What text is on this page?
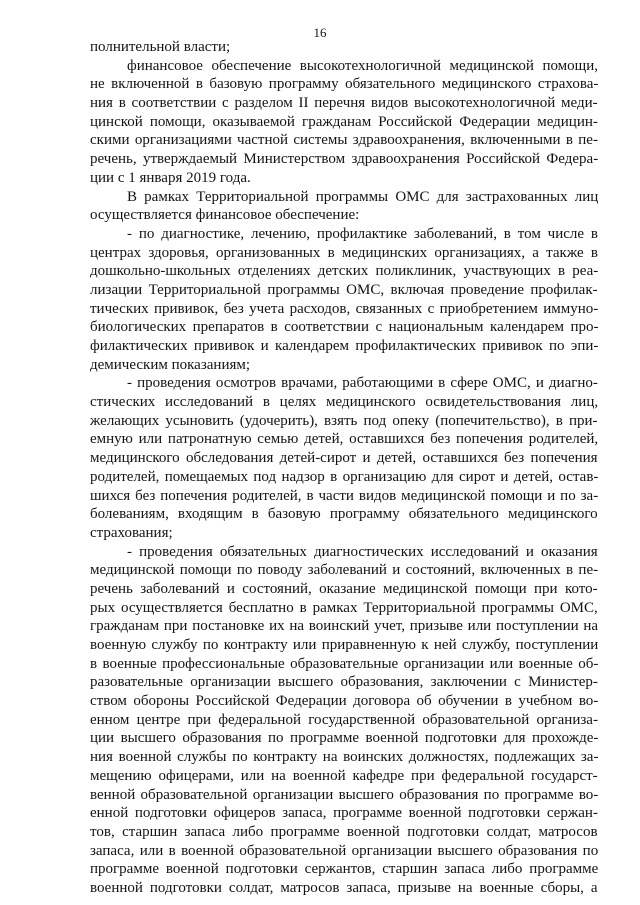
16
полнительной власти;
финансовое обеспечение высокотехнологичной медицинской помощи,
не включенной в базовую программу обязательного медицинского страхова-
ния в соответствии с разделом II перечня видов высокотехнологичной меди-
цинской помощи, оказываемой гражданам Российской Федерации медицин-
скими организациями частной системы здравоохранения, включенными в пе-
речень, утверждаемый Министерством здравоохранения Российской Федера-
ции с 1 января 2019 года.
В рамках Территориальной программы ОМС для застрахованных лиц
осуществляется финансовое обеспечение:
- по диагностике, лечению, профилактике заболеваний, в том числе в
центрах здоровья, организованных в медицинских организациях, а также в
дошкольно-школьных отделениях детских поликлиник, участвующих в реа-
лизации Территориальной программы ОМС, включая проведение профилак-
тических прививок, без учета расходов, связанных с приобретением иммуно-
биологических препаратов в соответствии с национальным календарем про-
филактических прививок и календарем профилактических прививок по эпи-
демическим показаниям;
- проведения осмотров врачами, работающими в сфере ОМС, и диагно-
стических исследований в целях медицинского освидетельствования лиц,
желающих усыновить (удочерить), взять под опеку (попечительство), в при-
емную или патронатную семью детей, оставшихся без попечения родителей,
медицинского обследования детей-сирот и детей, оставшихся без попечения
родителей, помещаемых под надзор в организацию для сирот и детей, остав-
шихся без попечения родителей, в части видов медицинской помощи и по за-
болеваниям, входящим в базовую программу обязательного медицинского
страхования;
- проведения обязательных диагностических исследований и оказания
медицинской помощи по поводу заболеваний и состояний, включенных в пе-
речень заболеваний и состояний, оказание медицинской помощи при кото-
рых осуществляется бесплатно в рамках Территориальной программы ОМС,
гражданам при постановке их на воинский учет, призыве или поступлении на
военную службу по контракту или приравненную к ней службу, поступлении
в военные профессиональные образовательные организации или военные об-
разовательные организации высшего образования, заключении с Министер-
ством обороны Российской Федерации договора об обучении в учебном во-
енном центре при федеральной государственной образовательной организа-
ции высшего образования по программе военной подготовки для прохожде-
ния военной службы по контракту на воинских должностях, подлежащих за-
мещению офицерами, или на военной кафедре при федеральной государст-
венной образовательной организации высшего образования по программе во-
енной подготовки офицеров запаса, программе военной подготовки сержан-
тов, старшин запаса либо программе военной подготовки солдат, матросов
запаса, или в военной образовательной организации высшего образования по
программе военной подготовки сержантов, старшин запаса либо программе
военной подготовки солдат, матросов запаса, призыве на военные сборы, а
